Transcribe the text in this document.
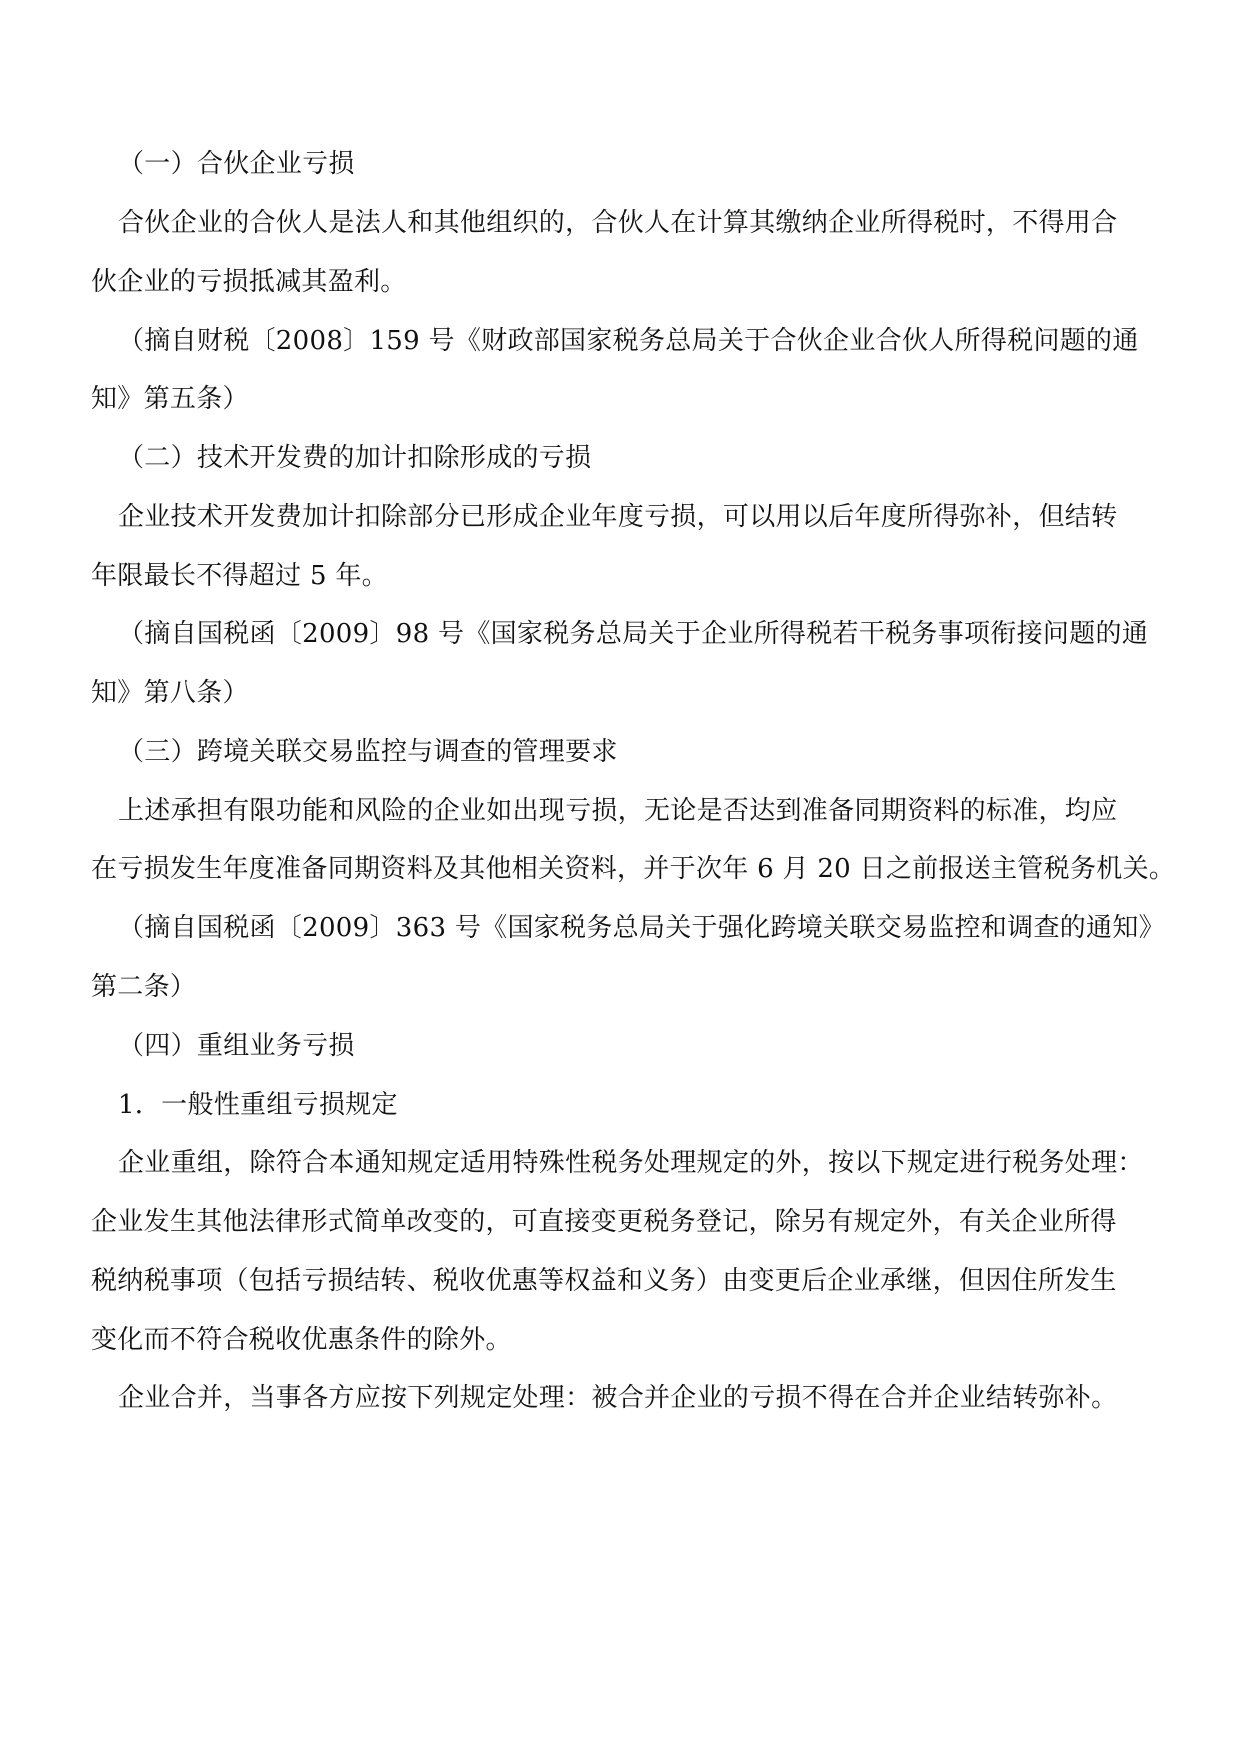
（一）合伙企业亏损
合伙企业的合伙人是法人和其他组织的，合伙人在计算其缴纳企业所得税时，不得用合
伙企业的亏损抵减其盈利。
（摘自财税〔2008〕159 号《财政部国家税务总局关于合伙企业合伙人所得税问题的通
知》第五条）
（二）技术开发费的加计扣除形成的亏损
企业技术开发费加计扣除部分已形成企业年度亏损，可以用以后年度所得弥补，但结转
年限最长不得超过 5 年。
（摘自国税函〔2009〕98 号《国家税务总局关于企业所得税若干税务事项衔接问题的通
知》第八条）
（三）跨境关联交易监控与调查的管理要求
上述承担有限功能和风险的企业如出现亏损，无论是否达到准备同期资料的标准，均应
在亏损发生年度准备同期资料及其他相关资料，并于次年 6 月 20 日之前报送主管税务机关。
（摘自国税函〔2009〕363 号《国家税务总局关于强化跨境关联交易监控和调查的通知》
第二条）
（四）重组业务亏损
1．一般性重组亏损规定
企业重组，除符合本通知规定适用特殊性税务处理规定的外，按以下规定进行税务处理：
企业发生其他法律形式简单改变的，可直接变更税务登记，除另有规定外，有关企业所得
税纳税事项（包括亏损结转、税收优惠等权益和义务）由变更后企业承继，但因住所发生
变化而不符合税收优惠条件的除外。
企业合并，当事各方应按下列规定处理：被合并企业的亏损不得在合并企业结转弥补。
